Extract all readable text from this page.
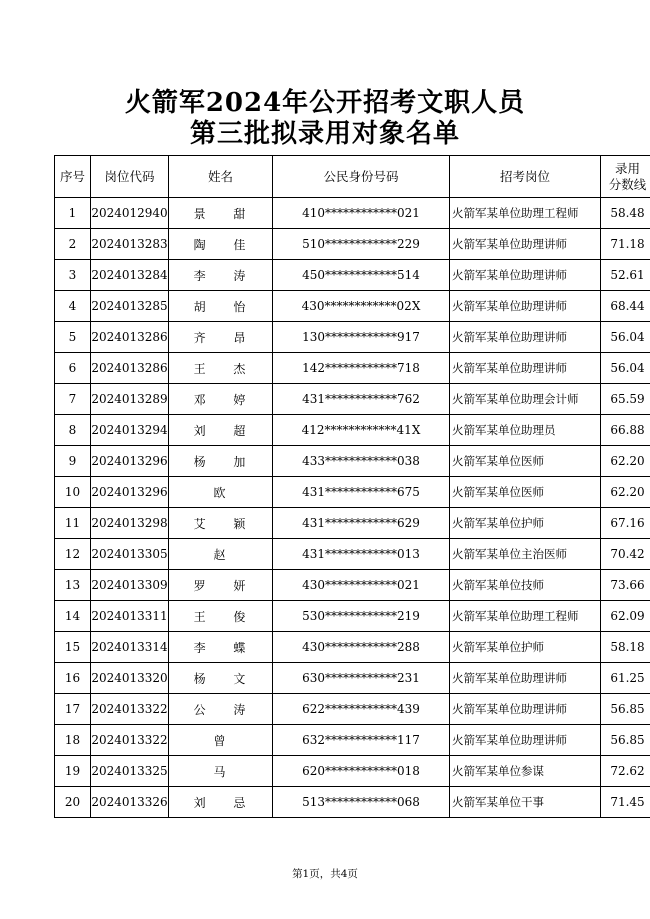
火箭军2024年公开招考文职人员
第三批拟录用对象名单
序号	岗位代码	姓名	公民身份号码	招考岗位	录用
分数线
1	2024012940	景 甜	410************021	火箭军某单位助理工程师	58.48
2	2024013283	陶 佳	510************229	火箭军某单位助理讲师	71.18
3	2024013284	李 涛	450************514	火箭军某单位助理讲师	52.61
4	2024013285	胡 怡	430************02X	火箭军某单位助理讲师	68.44
5	2024013286	齐 昂	130************917	火箭军某单位助理讲师	56.04
6	2024013286	王 杰	142************718	火箭军某单位助理讲师	56.04
7	2024013289	邓 婷	431************762	火箭军某单位助理会计师	65.59
8	2024013294	刘 超	412************41X	火箭军某单位助理员	66.88
9	2024013296	杨 加	433************038	火箭军某单位医师	62.20
10	2024013296	欧	431************675	火箭军某单位医师	62.20
11	2024013298	艾 颖	431************629	火箭军某单位护师	67.16
12	2024013305	赵	431************013	火箭军某单位主治医师	70.42
13	2024013309	罗 妍	430************021	火箭军某单位技师	73.66
14	2024013311	王 俊	530************219	火箭军某单位助理工程师	62.09
15	2024013314	李 蝶	430************288	火箭军某单位护师	58.18
16	2024013320	杨 文	630************231	火箭军某单位助理讲师	61.25
17	2024013322	公 涛	622************439	火箭军某单位助理讲师	56.85
18	2024013322	曾	632************117	火箭军某单位助理讲师	56.85
19	2024013325	马	620************018	火箭军某单位参谋	72.62
20	2024013326	刘 忌	513************068	火箭军某单位干事	71.45
第1页，共4页
